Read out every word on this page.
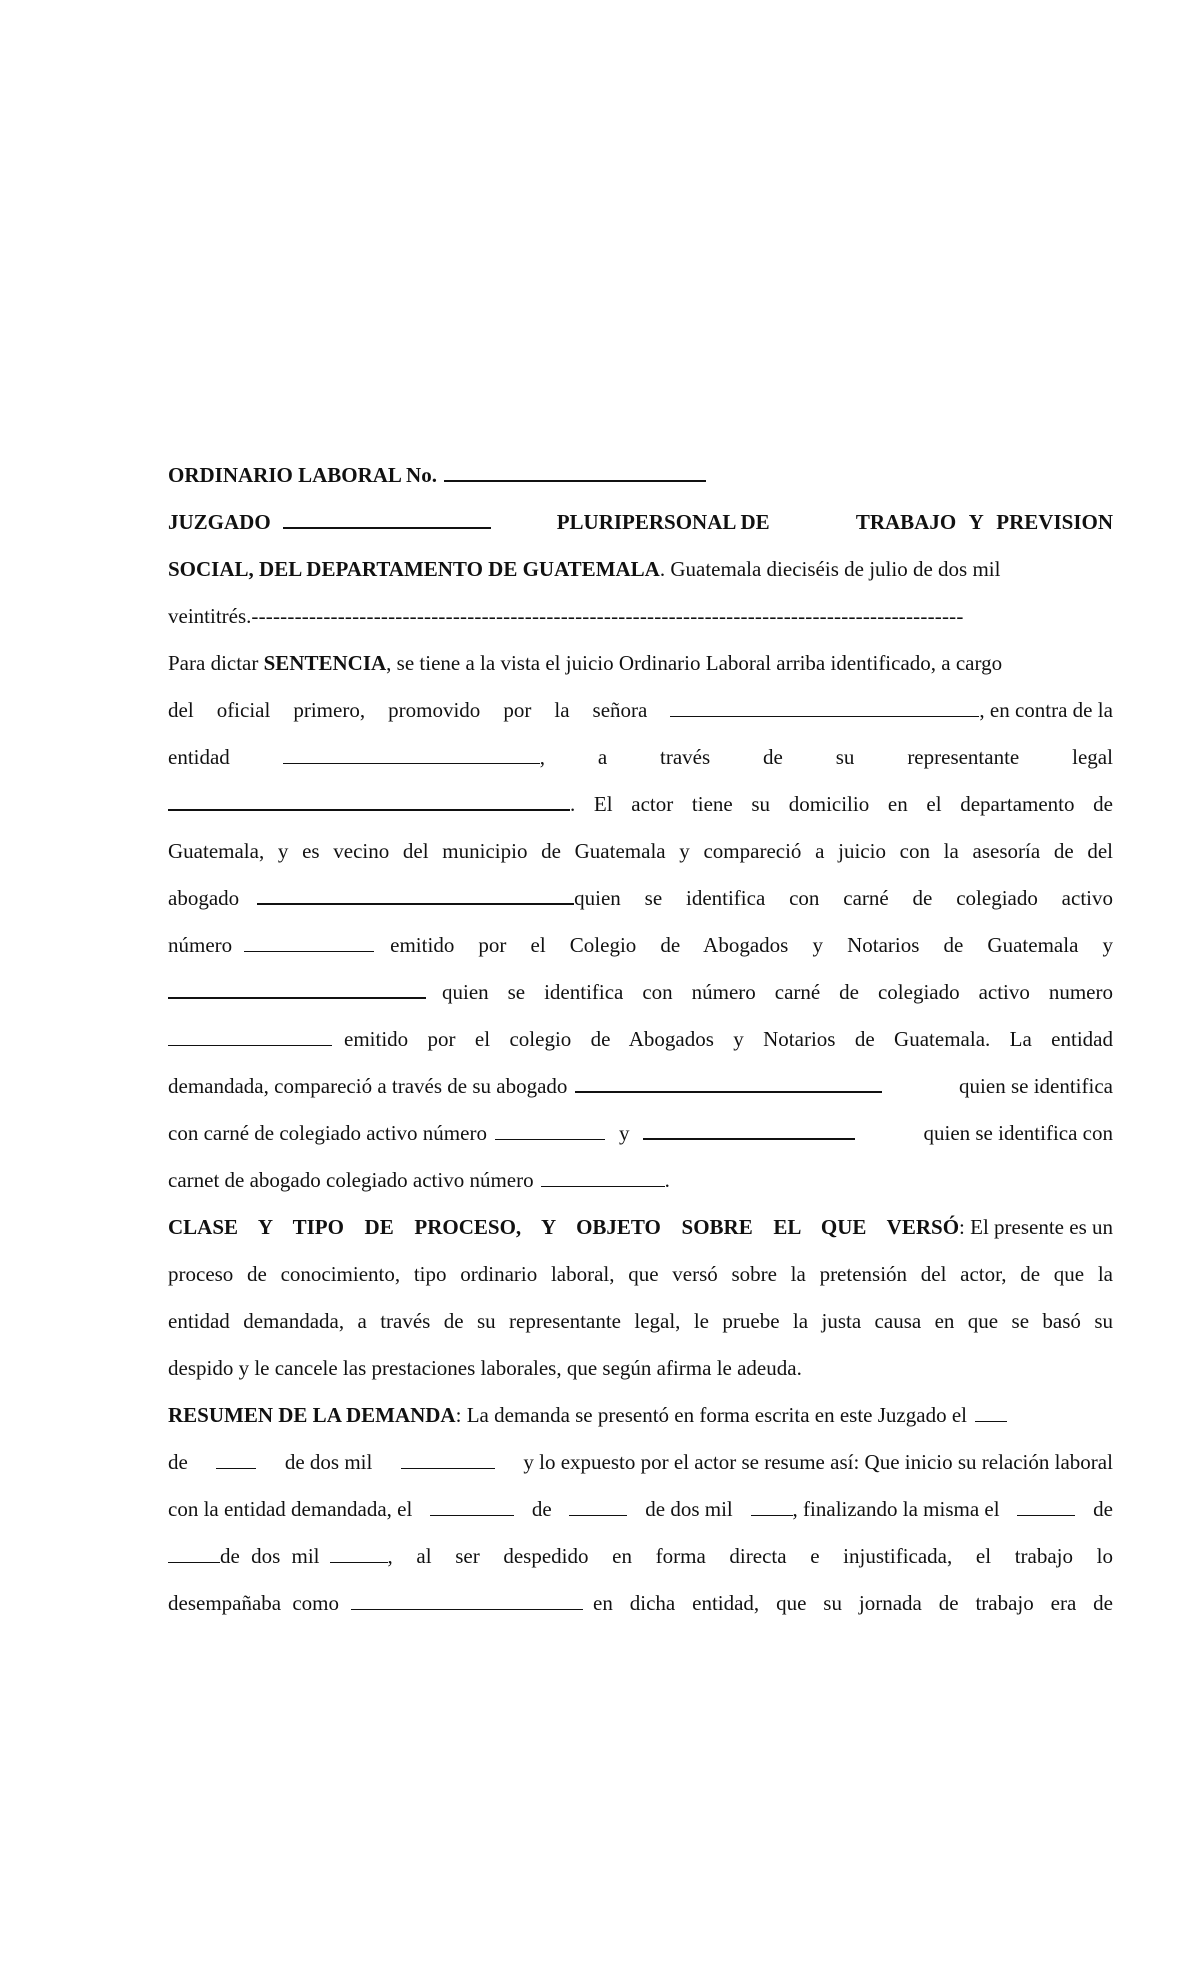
ORDINARIO LABORAL No.
JUZGADO	PLURIPERSONAL DE	TRABAJO Y PREVISION
SOCIAL, DEL DEPARTAMENTO DE GUATEMALA. Guatemala dieciséis de julio de dos mil
veintitrés. ---------------------------------------------------------------------------------------------------
Para dictar SENTENCIA, se tiene a la vista el juicio Ordinario Laboral arriba identificado, a cargo
del oficial primero, promovido por la señora	, en contra de la
entidad	,	a	través	de	su	representante	legal
. El actor tiene su domicilio en el departamento de
Guatemala, y es vecino del municipio de Guatemala y compareció a juicio con la asesoría de del
abogado	quien se identifica con carné de colegiado activo
número	emitido por el Colegio de Abogados y Notarios de Guatemala y
quien se identifica con número carné de colegiado activo numero
emitido por el colegio de Abogados y Notarios de Guatemala. La entidad
demandada, compareció a través de su abogado	quien se identifica
con carné de colegiado activo número	y	quien se identifica con
carnet de abogado colegiado activo número	.
CLASE Y TIPO DE PROCESO, Y OBJETO SOBRE EL QUE VERSÓ : El presente es un
proceso de conocimiento, tipo ordinario laboral, que versó sobre la pretensión del actor, de que la
entidad demandada, a través de su representante legal, le pruebe la justa causa en que se basó su
despido y le cancele las prestaciones laborales, que según afirma le adeuda.
RESUMEN DE LA DEMANDA : La demanda se presentó en forma escrita en este Juzgado el
de	de dos mil	y lo expuesto por el actor se resume así: Que inicio su relación laboral
con la entidad demandada, el	de	de dos mil	, finalizando la misma el	de
de dos mil	, al ser despedido en forma directa e injustificada, el trabajo lo
desempañaba como	en dicha entidad, que su jornada de trabajo era de
